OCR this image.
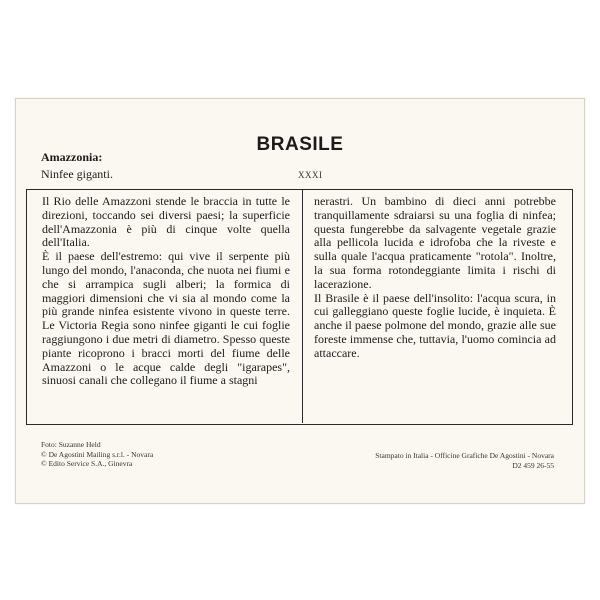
BRASILE
XXXI
Amazzonia:
Ninfee giganti.

Il Rio delle Amazzoni stende le braccia in tutte le direzioni, toccando sei diversi paesi; la superficie dell'Amazzonia è più di cinque volte quella dell'Italia.

È il paese dell'estremo: qui vive il serpente più lungo del mondo, l'anaconda, che nuota nei fiumi e che si arrampica sugli alberi; la formica di maggiori dimensioni che vi sia al mondo come la più grande ninfea esistente vivono in queste terre. Le Victoria Regia sono ninfee giganti le cui foglie raggiungono i due metri di diametro. Spesso queste piante ricoprono i bracci morti del fiume delle Amazzoni o le acque calde degli "igarapes", sinuosi canali che collegano il fiume a stagni

nerastri. Un bambino di dieci anni potrebbe tranquillamente sdraiarsi su una foglia di ninfea; questa fungerebbe da salvagente vegetale grazie alla pellicola lucida e idrofoba che la riveste e sulla quale l'acqua praticamente "rotola". Inoltre, la sua forma rotondeggiante limita i rischi di lacerazione.

Il Brasile è il paese dell'insolito: l'acqua scura, in cui galleggiano queste foglie lucide, è inquieta. È anche il paese polmone del mondo, grazie alle sue foreste immense che, tuttavia, l'uomo comincia ad attaccare.

Foto: Suzanne Held
© De Agostini Mailing s.r.l. - Novara
© Edito Service S.A., Ginevra
Stampato in Italia - Officine Grafiche De Agostini - Novara
D2 459 26-55
